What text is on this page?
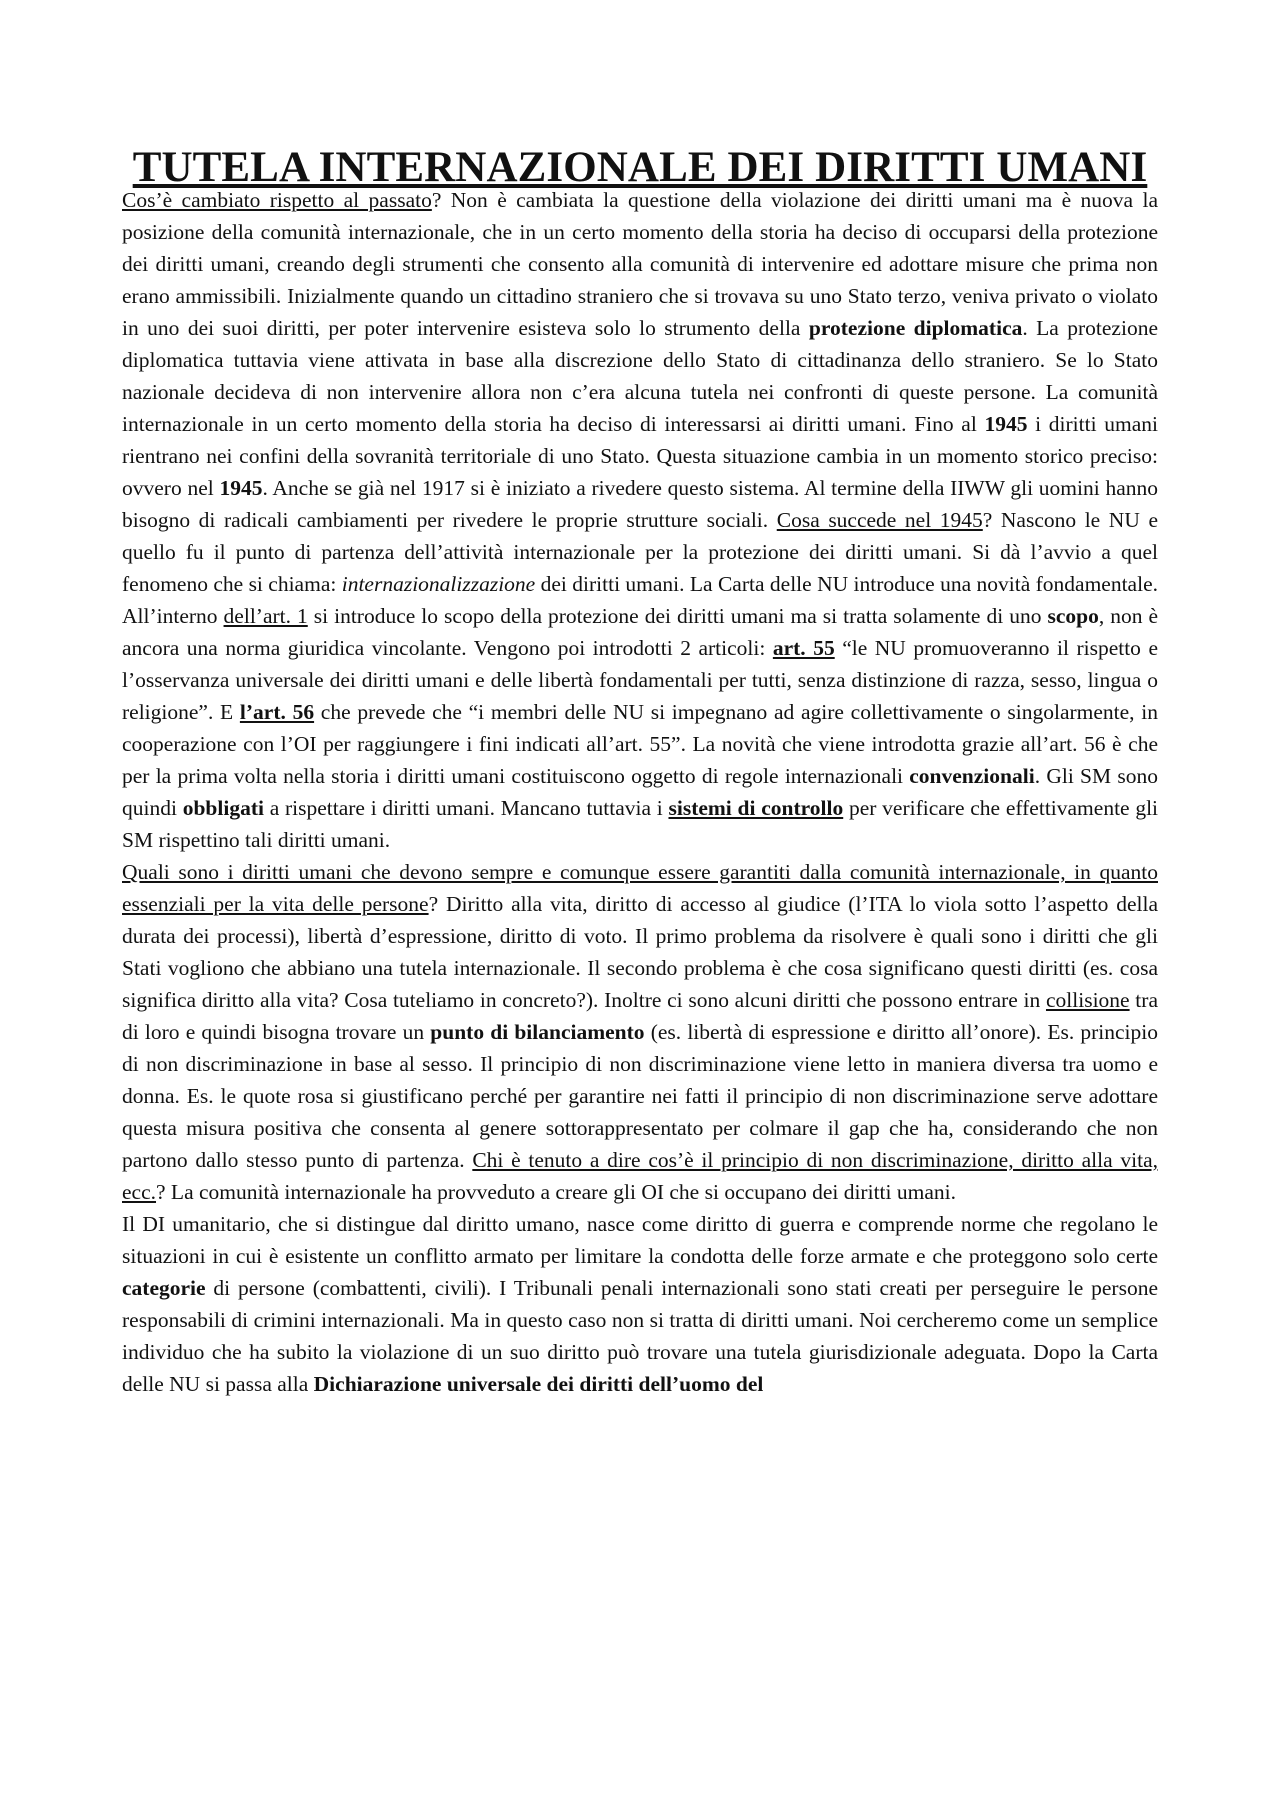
TUTELA INTERNAZIONALE DEI DIRITTI UMANI

Cos’è cambiato rispetto al passato? Non è cambiata la questione della violazione dei diritti umani ma è nuova la posizione della comunità internazionale, che in un certo momento della storia ha deciso di occuparsi della protezione dei diritti umani, creando degli strumenti che consento alla comunità di intervenire ed adottare misure che prima non erano ammissibili. Inizialmente quando un cittadino straniero che si trovava su uno Stato terzo, veniva privato o violato in uno dei suoi diritti, per poter intervenire esisteva solo lo strumento della protezione diplomatica. La protezione diplomatica tuttavia viene attivata in base alla discrezione dello Stato di cittadinanza dello straniero. Se lo Stato nazionale decideva di non intervenire allora non c’era alcuna tutela nei confronti di queste persone. La comunità internazionale in un certo momento della storia ha deciso di interessarsi ai diritti umani. Fino al 1945 i diritti umani rientrano nei confini della sovranità territoriale di uno Stato. Questa situazione cambia in un momento storico preciso: ovvero nel 1945. Anche se già nel 1917 si è iniziato a rivedere questo sistema. Al termine della IIWW gli uomini hanno bisogno di radicali cambiamenti per rivedere le proprie strutture sociali. Cosa succede nel 1945? Nascono le NU e quello fu il punto di partenza dell’attività internazionale per la protezione dei diritti umani. Si dà l’avvio a quel fenomeno che si chiama: internazionalizzazione dei diritti umani. La Carta delle NU introduce una novità fondamentale. All’interno dell’art. 1 si introduce lo scopo della protezione dei diritti umani ma si tratta solamente di uno scopo, non è ancora una norma giuridica vincolante. Vengono poi introdotti 2 articoli: art. 55 “le NU promuoveranno il rispetto e l’osservanza universale dei diritti umani e delle libertà fondamentali per tutti, senza distinzione di razza, sesso, lingua o religione”. E l’art. 56 che prevede che “i membri delle NU si impegnano ad agire collettivamente o singolarmente, in cooperazione con l’OI per raggiungere i fini indicati all’art. 55”. La novità che viene introdotta grazie all’art. 56 è che per la prima volta nella storia i diritti umani costituiscono oggetto di regole internazionali convenzionali. Gli SM sono quindi obbligati a rispettare i diritti umani. Mancano tuttavia i sistemi di controllo per verificare che effettivamente gli SM rispettino tali diritti umani.

Quali sono i diritti umani che devono sempre e comunque essere garantiti dalla comunità internazionale, in quanto essenziali per la vita delle persone? Diritto alla vita, diritto di accesso al giudice (l’ITA lo viola sotto l’aspetto della durata dei processi), libertà d’espressione, diritto di voto. Il primo problema da risolvere è quali sono i diritti che gli Stati vogliono che abbiano una tutela internazionale. Il secondo problema è che cosa significano questi diritti (es. cosa significa diritto alla vita? Cosa tuteliamo in concreto?). Inoltre ci sono alcuni diritti che possono entrare in collisione tra di loro e quindi bisogna trovare un punto di bilanciamento (es. libertà di espressione e diritto all’onore). Es. principio di non discriminazione in base al sesso. Il principio di non discriminazione viene letto in maniera diversa tra uomo e donna. Es. le quote rosa si giustificano perché per garantire nei fatti il principio di non discriminazione serve adottare questa misura positiva che consenta al genere sottorappresentato per colmare il gap che ha, considerando che non partono dallo stesso punto di partenza. Chi è tenuto a dire cos’è il principio di non discriminazione, diritto alla vita, ecc.? La comunità internazionale ha provveduto a creare gli OI che si occupano dei diritti umani.

Il DI umanitario, che si distingue dal diritto umano, nasce come diritto di guerra e comprende norme che regolano le situazioni in cui è esistente un conflitto armato per limitare la condotta delle forze armate e che proteggono solo certe categorie di persone (combattenti, civili). I Tribunali penali internazionali sono stati creati per perseguire le persone responsabili di crimini internazionali. Ma in questo caso non si tratta di diritti umani. Noi cercheremo come un semplice individuo che ha subito la violazione di un suo diritto può trovare una tutela giurisdizionale adeguata. Dopo la Carta delle NU si passa alla Dichiarazione universale dei diritti dell’uomo del
